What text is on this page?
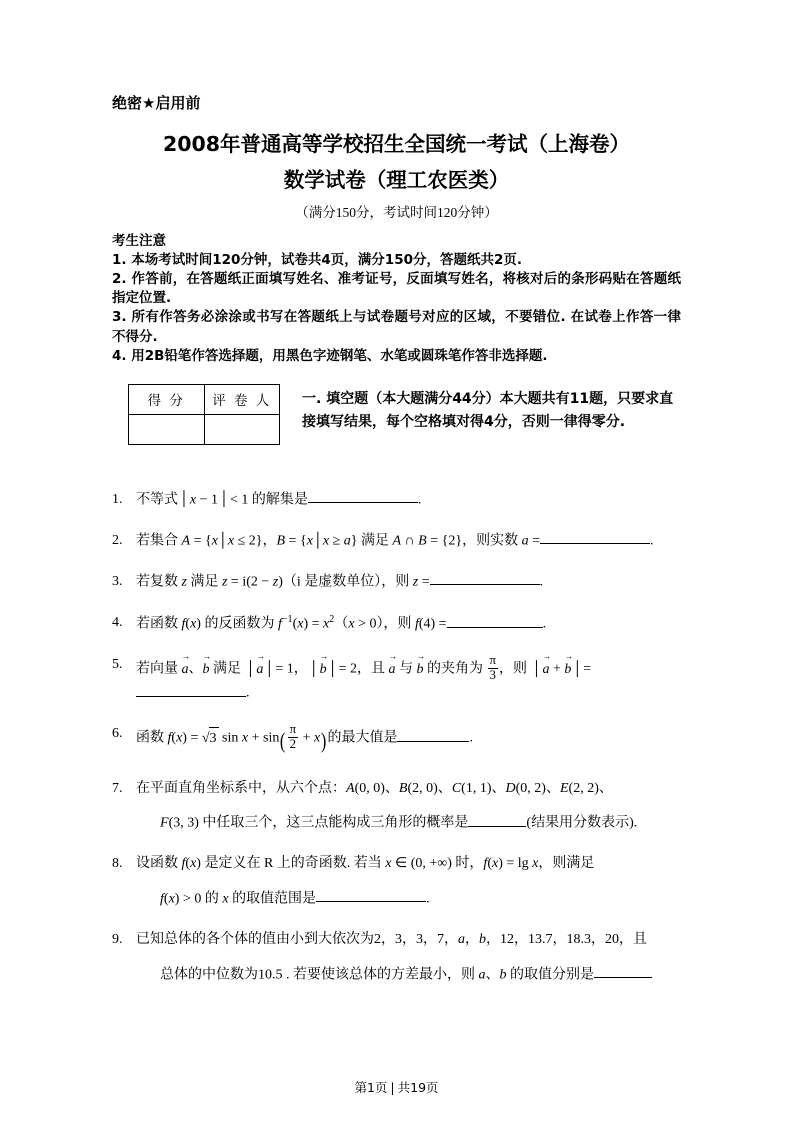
绝密★启用前
2008年普通高等学校招生全国统一考试（上海卷）
数学试卷（理工农医类）
（满分150分，考试时间120分钟）
考生注意

1. 本场考试时间120分钟，试卷共4页，满分150分，答题纸共2页.

2. 作答前，在答题纸正面填写姓名、准考证号，反面填写姓名，将核对后的条形码贴在答题纸指定位置.

3. 所有作答务必涂涂或书写在答题纸上与试卷题号对应的区域，不要错位. 在试卷上作答一律不得分.

4. 用2B铅笔作答选择题，用黑色字迹钢笔、水笔或圆珠笔作答非选择题.

得 分	评 卷 人
	一. 填空题（本大题满分44分）本大题共有11题，只要求直接填写结果，每个空格填对得4分，否则一律得零分.
1. 不等式│x − 1│< 1 的解集是	.
2. 若集合 A = {x│x ≤ 2}，B = {x│x ≥ a} 满足 A ∩ B = {2}，则实数 a =	.
3. 若复数 z 满足 z = i(2 − z)（i 是虚数单位），则 z =	.
4. 若函数 f(x) 的反函数为 $f^{-1}(x) = x^2(x > 0)$，则 f(4) =	.
5. 若向量 a →、b → 满足 │a →│= 1，│b →│= 2，且 a → 与 b → 的夹角为 $\frac{\pi}{3}$ ，则 │a → + b →│=.
6. 函数 f(x) = √3 $\sin x + \sin( \frac{\pi}{2} + x)$的最大值是	.
7. 在平面直角坐标系中，从六个点：A(0, 0)、B(2, 0)、C(1, 1)、D(0, 2)、E(2, 2)、
F(3, 3) 中任取三个，这三点能构成三角形的概率是	(结果用分数表示).
8. 设函数 f(x) 是定义在 R 上的奇函数. 若当 x ∈ (0, +∞) 时，f(x) = lg x，则满足
f(x) > 0 的 x 的取值范围是	.
9. 已知总体的各个体的值由小到大依次为2，3，3，7，a，b，12，13.7，18.3，20，且
总体的中位数为10.5 . 若要使该总体的方差最小，则 a、b 的取值分别是
第1页 | 共19页
